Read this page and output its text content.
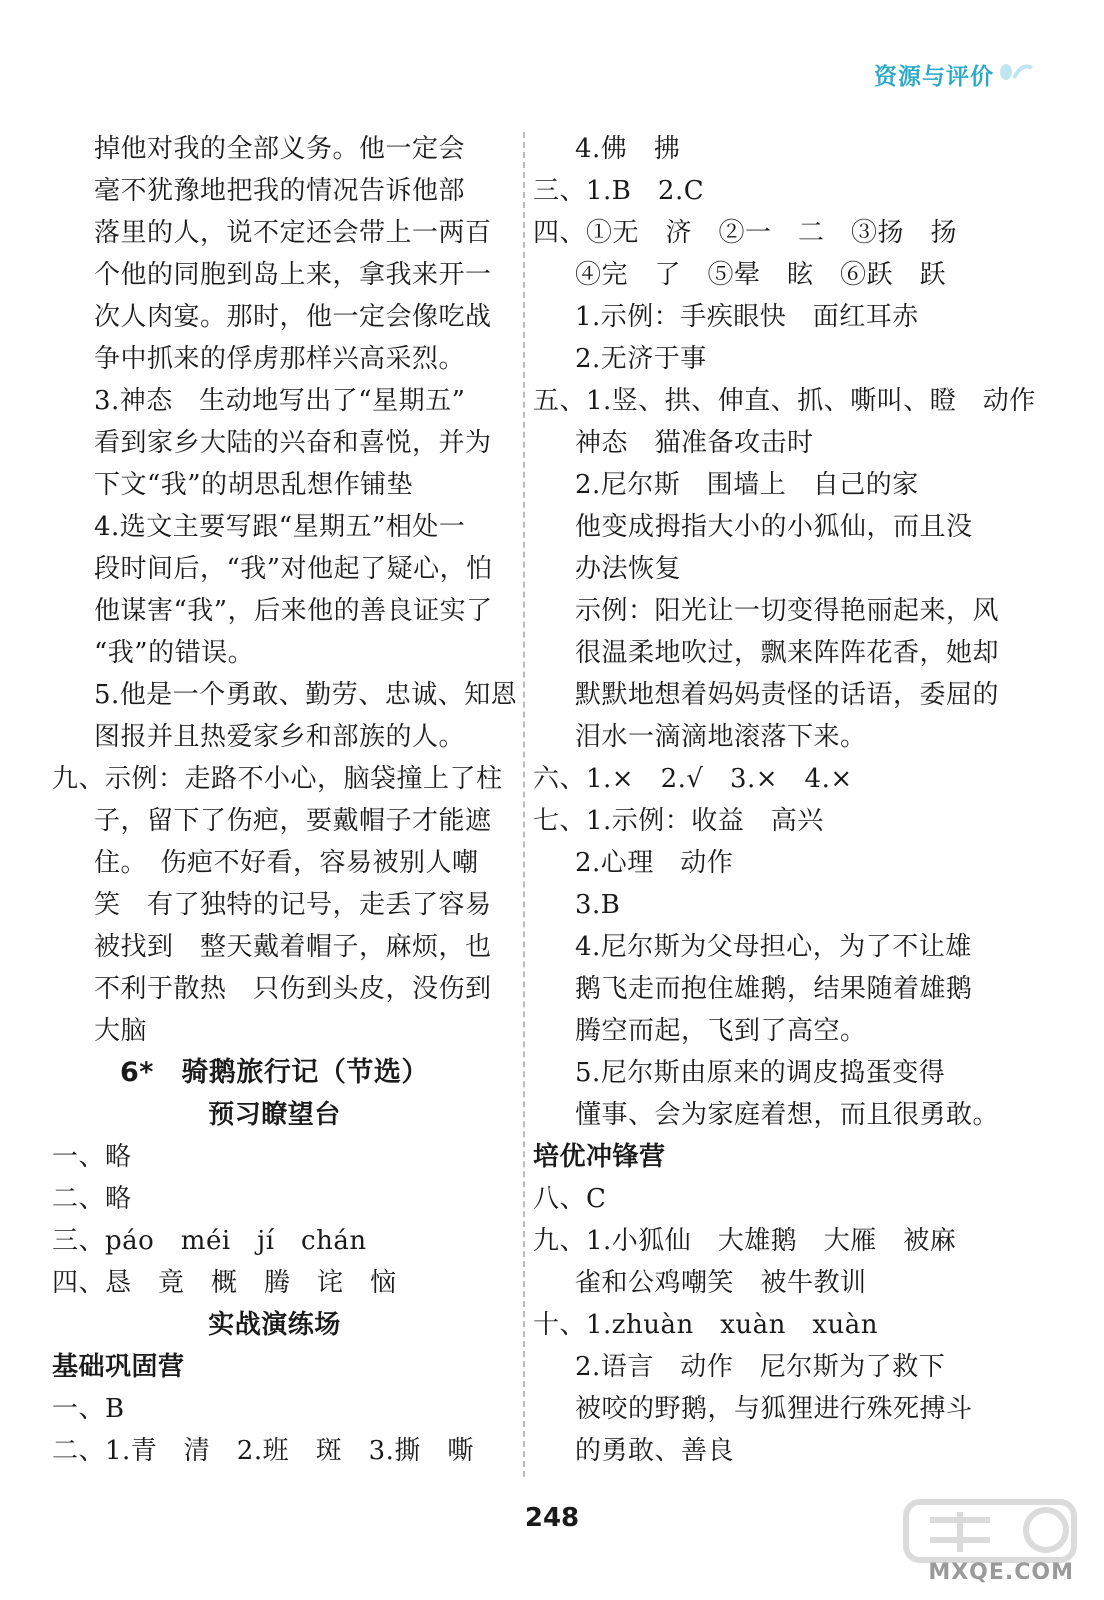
资源与评价
掉他对我的全部义务。他一定会
毫不犹豫地把我的情况告诉他部
落里的人，说不定还会带上一两百
个他的同胞到岛上来，拿我来开一
次人肉宴。那时，他一定会像吃战
争中抓来的俘虏那样兴高采烈。
3.神态　生动地写出了“星期五”
看到家乡大陆的兴奋和喜悦，并为
下文“我”的胡思乱想作铺垫
4.选文主要写跟“星期五”相处一
段时间后，“我”对他起了疑心，怕
他谋害“我”，后来他的善良证实了
“我”的错误。
5.他是一个勇敢、勤劳、忠诚、知恩
图报并且热爱家乡和部族的人。
九、示例：走路不小心，脑袋撞上了柱
子，留下了伤疤，要戴帽子才能遮
住。　伤疤不好看，容易被别人嘲
笑　有了独特的记号，走丢了容易
被找到　整天戴着帽子，麻烦，也
不利于散热　只伤到头皮，没伤到
大脑
6*　骑鹅旅行记（节选）
预习瞭望台
一、略
二、略
三、páo　méi　jí　chán
四、恳　竟　概　腾　诧　恼
实战演练场
基础巩固营
一、B
二、1.青　清　2.班　斑　3.撕　嘶
4.佛　拂
三、1.B　2.C
四、①无　济　②一　二　③扬　扬
④完　了　⑤晕　眩　⑥跃　跃
1.示例：手疾眼快　面红耳赤
2.无济于事
五、1.竖、拱、伸直、抓、嘶叫、瞪　动作
神态　猫准备攻击时
2.尼尔斯　围墙上　自己的家
他变成拇指大小的小狐仙，而且没
办法恢复
示例：阳光让一切变得艳丽起来，风
很温柔地吹过，飘来阵阵花香，她却
默默地想着妈妈责怪的话语，委屈的
泪水一滴滴地滚落下来。
六、1.×　2.√　3.×　4.×
七、1.示例：收益　高兴
2.心理　动作
3.B
4.尼尔斯为父母担心，为了不让雄
鹅飞走而抱住雄鹅，结果随着雄鹅
腾空而起，飞到了高空。
5.尼尔斯由原来的调皮捣蛋变得
懂事、会为家庭着想，而且很勇敢。
培优冲锋营
八、C
九、1.小狐仙　大雄鹅　大雁　被麻
雀和公鸡嘲笑　被牛教训
十、1.zhuàn　xuàn　xuàn
2.语言　动作　尼尔斯为了救下
被咬的野鹅，与狐狸进行殊死搏斗
的勇敢、善良
248
MXQE.COM
